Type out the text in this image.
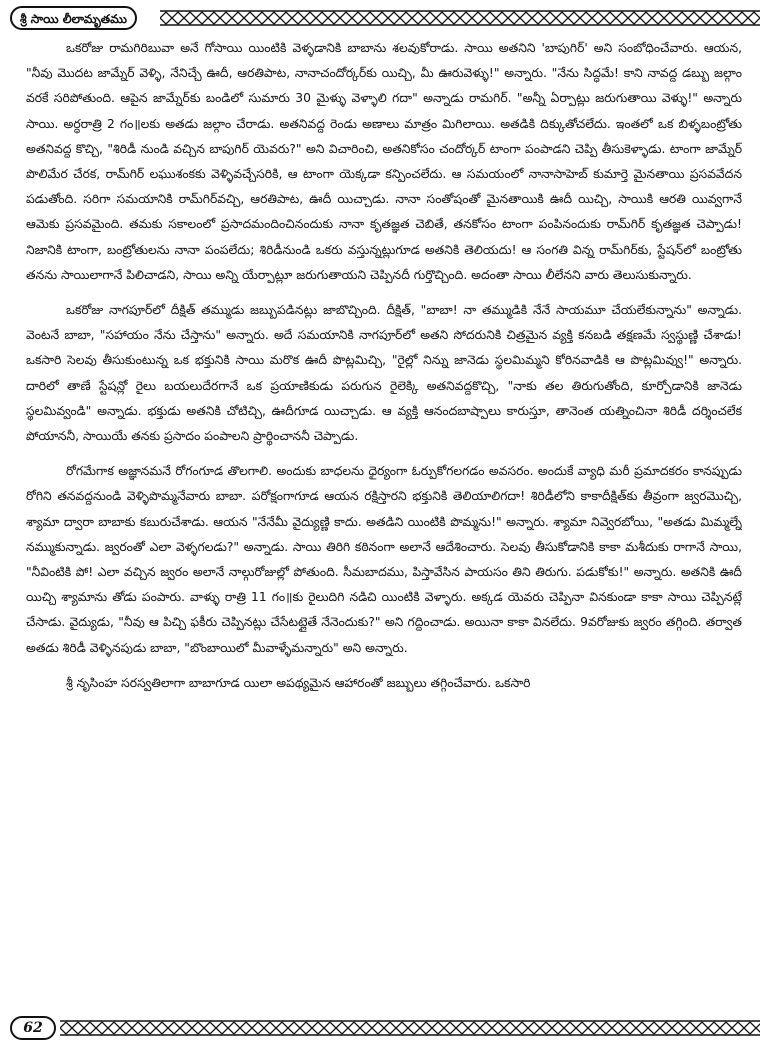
శ్రీ సాయి లీలామృతము

ఒకరోజు రామగిరిబువా అనే గోసాయి యింటికి వెళ్ళడానికి బాబాను శలవుకోరాడు. సాయి అతనిని 'బాపుగిర్' అని సంబోధించేవారు. ఆయన, "నీవు మొదట జామ్నేర్ వెళ్ళి, నేనిచ్చే ఊదీ, ఆరతిపాట, నానాచందోర్కర్‌కు యిచ్చి, మీ ఊరువెళ్ళు!" అన్నారు. "నేను సిద్ధమే! కాని నావద్ద డబ్బు జల్గాం వరకే సరిపోతుంది. ఆపైన జామ్నేర్‌కు బండిలో సుమారు 30 మైళ్ళు వెళ్ళాలి గదా" అన్నాడు రామగిర్. "అన్నీ ఏర్పాట్లు జరుగుతాయి వెళ్ళు!" అన్నారు సాయి. అర్ధరాత్రి 2 గం॥లకు అతడు జల్గాం చేరాడు. అతనివద్ద రెండు అణాలు మాత్రం మిగిలాయి. అతడికి దిక్కుతోచలేదు. ఇంతలో ఒక బిళ్ళబంట్రోతు అతనివద్ద కొచ్చి, "శిరిడీ నుండి వచ్చిన బాపుగిర్ యెవరు?" అని విచారించి, అతనికోసం చందోర్కర్ టాంగా పంపాడని చెప్పి తీసుకెళ్ళాడు. టాంగా జామ్నేర్ పొలిమేర చేరక, రామ్‌గిర్ లఘుశంకకు వెళ్ళివచ్చేసరికి, ఆ టాంగా యెక్కడా కన్పించలేదు. ఆ సమయంలో నానాసాహెబ్ కుమార్తె మైనతాయి ప్రసవవేదన పడుతోంది. సరిగా సమయానికి రామ్‌గిర్‌వచ్చి, ఆరతిపాట, ఊదీ యిచ్చాడు. నానా సంతోషంతో మైనతాయికి ఊదీ యిచ్చి, సాయికి ఆరతి యివ్వగానే ఆమెకు ప్రసవమైంది. తమకు సకాలంలో ప్రసాదమందించినందుకు నానా కృతజ్ఞత చెబితే, తనకోసం టాంగా పంపినందుకు రామ్‌గిర్ కృతజ్ఞత చెప్పాడు! నిజానికి టాంగా, బంట్రోతులను నానా పంపలేదు; శిరిడీనుండి ఒకరు వస్తున్నట్లుగూడ అతనికి తెలియదు! ఆ సంగతి విన్న రామ్‌గిర్‌కు, స్టేషన్‌లో బంట్రోతు తనను సాయిలాగానే పిలిచాడని, సాయి అన్ని యేర్పాట్లూ జరుగుతాయని చెప్పినదీ గుర్తొచ్చింది. అదంతా సాయి లీలేనని వారు తెలుసుకున్నారు.

ఒకరోజు నాగపూర్‌లో దీక్షిత్ తమ్ముడు జబ్బుపడినట్లు జాబొచ్చింది. దీక్షిత్, "బాబా! నా తమ్ముడికి నేనే సాయమూ చేయలేకున్నాను" అన్నాడు. వెంటనే బాబా, "సహాయం నేను చేస్తాను" అన్నారు. అదే సమయానికి నాగపూర్‌లో అతని సోదరునికి చిత్రమైన వ్యక్తి కనబడి తక్షణమే స్వస్థుణ్ణి చేశాడు! ఒకసారి సెలవు తీసుకుంటున్న ఒక భక్తునికి సాయి మరొక ఊదీ పొట్లమిచ్చి, "రైల్లో నిన్ను జానెడు స్థలమిమ్మని కోరినవాడికి ఆ పొట్లమివ్వు!" అన్నారు. దారిలో తాణే స్టేషన్లో రైలు బయలుదేరగానే ఒక ప్రయాణికుడు పరుగున రైలెక్కి అతనివద్దకొచ్చి, "నాకు తల తిరుగుతోంది, కూర్చోడానికి జానెడు స్థలమివ్వండి" అన్నాడు. భక్తుడు అతనికి చోటిచ్చి, ఊదీగూడ యిచ్చాడు. ఆ వ్యక్తి ఆనందబాష్పాలు కారుస్తూ, తానెంత యత్నించినా శిరిడీ దర్శించలేక పోయాననీ, సాయియే తనకు ప్రసాదం పంపాలని ప్రార్థించాననీ చెప్పాడు.

రోగమేగాక అజ్ఞానమనే రోగంగూడ తొలగాలి. అందుకు బాధలను ధైర్యంగా ఓర్పుకోగలగడం అవసరం. అందుకే వ్యాధి మరీ ప్రమాదకరం కానప్పుడు రోగిని తనవద్దనుండి వెళ్ళిపొమ్మనేవారు బాబా. పరోక్షంగాగూడ ఆయన రక్షిస్తారని భక్తునికి తెలియాలిగదా! శిరిడీలోని కాకాదీక్షిత్‌కు తీవ్రంగా జ్వరమొచ్చి, శ్యామా ద్వారా బాబాకు కబురుచేశాడు. ఆయన "నేనేమీ వైద్యుణ్ణి కాదు. అతడిని యింటికి పొమ్మను!" అన్నారు. శ్యామా నివ్వెరబోయి, "అతడు మిమ్మల్నే నమ్ముకున్నాడు. జ్వరంతో ఎలా వెళ్ళగలడు?" అన్నాడు. సాయి తిరిగి కఠినంగా అలానే ఆదేశించారు. సెలవు తీసుకోడానికి కాకా మశీదుకు రాగానే సాయి, "నీవింటికి పో! ఎలా వచ్చిన జ్వరం అలానే నాల్గురోజుల్లో పోతుంది. సీమబాదము, పిస్తావేసిన పాయసం తిని తిరుగు. పడుకోకు!" అన్నారు. అతనికి ఊదీ యిచ్చి శ్యామాను తోడు పంపారు. వాళ్ళు రాత్రి 11 గం॥కు రైలుదిగి నడిచి యింటికి వెళ్ళారు. అక్కడ యెవరు చెప్పినా వినకుండా కాకా సాయి చెప్పినట్లే చేసాడు. వైద్యుడు, "నీవు ఆ పిచ్చి ఫకీరు చెప్పినట్లు చేసేటట్లైతే నేనెందుకు?" అని గద్దించాడు. అయినా కాకా వినలేదు. 9వరోజుకు జ్వరం తగ్గింది. తర్వాత అతడు శిరిడీ వెళ్ళినపుడు బాబా, "బొంబాయిలో మీవాళ్ళేమన్నారు" అని అన్నారు.

శ్రీ నృసింహ సరస్వతిలాగా బాబాగూడ యిలా అపథ్యమైన ఆహారంతో జబ్బులు తగ్గించేవారు. ఒకసారి

62
